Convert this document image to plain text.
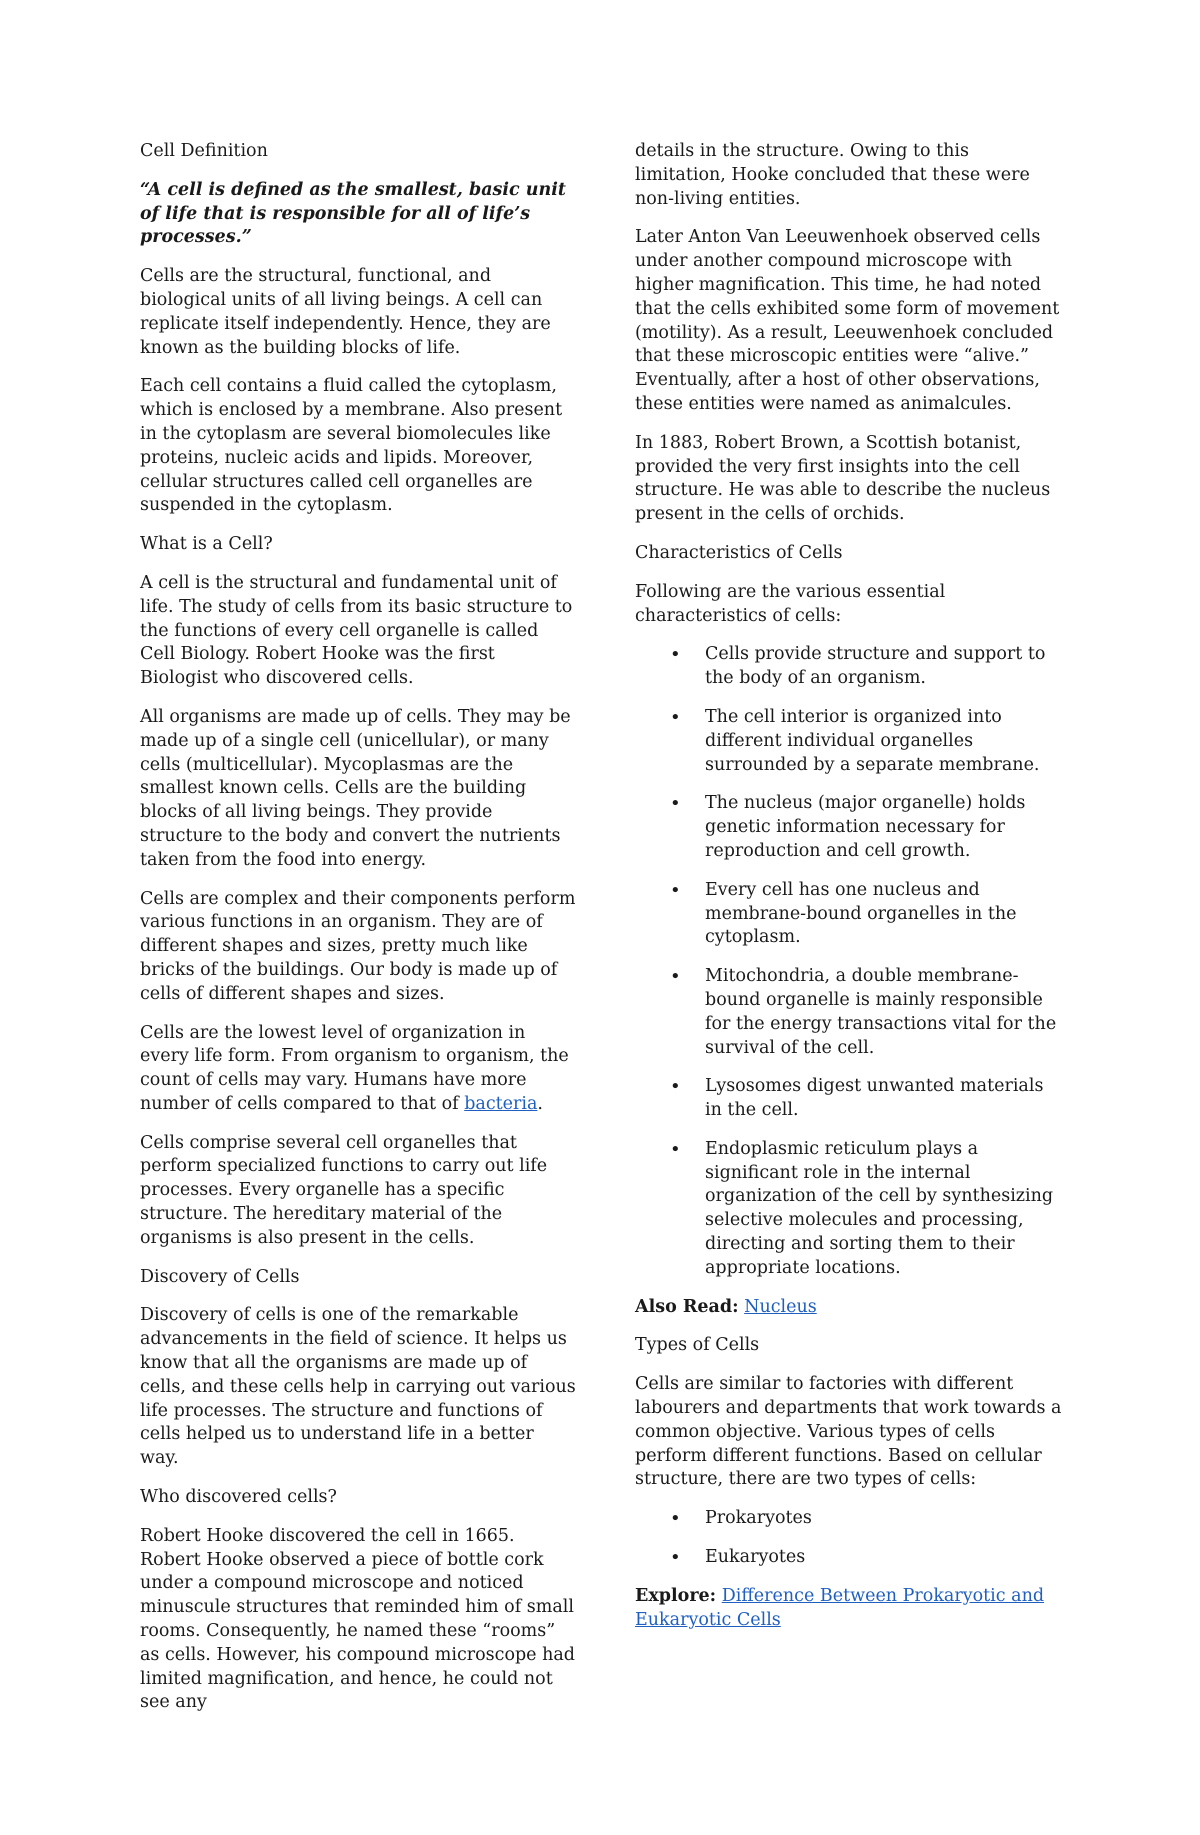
Cell Definition

“A cell is defined as the smallest, basic unit of life that is responsible for all of life’s processes.”

Cells are the structural, functional, and biological units of all living beings. A cell can replicate itself independently. Hence, they are known as the building blocks of life.

Each cell contains a fluid called the cytoplasm, which is enclosed by a membrane. Also present in the cytoplasm are several biomolecules like proteins, nucleic acids and lipids. Moreover, cellular structures called cell organelles are suspended in the cytoplasm.

What is a Cell?

A cell is the structural and fundamental unit of life. The study of cells from its basic structure to the functions of every cell organelle is called Cell Biology. Robert Hooke was the first Biologist who discovered cells.

All organisms are made up of cells. They may be made up of a single cell (unicellular), or many cells (multicellular). Mycoplasmas are the smallest known cells. Cells are the building blocks of all living beings. They provide structure to the body and convert the nutrients taken from the food into energy.

Cells are complex and their components perform various functions in an organism. They are of different shapes and sizes, pretty much like bricks of the buildings. Our body is made up of cells of different shapes and sizes.

Cells are the lowest level of organization in every life form. From organism to organism, the count of cells may vary. Humans have more number of cells compared to that of bacteria.

Cells comprise several cell organelles that perform specialized functions to carry out life processes. Every organelle has a specific structure. The hereditary material of the organisms is also present in the cells.

Discovery of Cells

Discovery of cells is one of the remarkable advancements in the field of science. It helps us know that all the organisms are made up of cells, and these cells help in carrying out various life processes. The structure and functions of cells helped us to understand life in a better way.

Who discovered cells?

Robert Hooke discovered the cell in 1665. Robert Hooke observed a piece of bottle cork under a compound microscope and noticed minuscule structures that reminded him of small rooms. Consequently, he named these “rooms” as cells. However, his compound microscope had limited magnification, and hence, he could not see any

details in the structure. Owing to this limitation, Hooke concluded that these were non-living entities.

Later Anton Van Leeuwenhoek observed cells under another compound microscope with higher magnification. This time, he had noted that the cells exhibited some form of movement (motility). As a result, Leeuwenhoek concluded that these microscopic entities were “alive.” Eventually, after a host of other observations, these entities were named as animalcules.

In 1883, Robert Brown, a Scottish botanist, provided the very first insights into the cell structure. He was able to describe the nucleus present in the cells of orchids.

Characteristics of Cells

Following are the various essential characteristics of cells:

• Cells provide structure and support to the body of an organism.
• The cell interior is organized into different individual organelles surrounded by a separate membrane.
• The nucleus (major organelle) holds genetic information necessary for reproduction and cell growth.
• Every cell has one nucleus and membrane-bound organelles in the cytoplasm.
• Mitochondria, a double membrane-bound organelle is mainly responsible for the energy transactions vital for the survival of the cell.
• Lysosomes digest unwanted materials in the cell.
• Endoplasmic reticulum plays a significant role in the internal organization of the cell by synthesizing selective molecules and processing, directing and sorting them to their appropriate locations.

Also Read: Nucleus

Types of Cells

Cells are similar to factories with different labourers and departments that work towards a common objective. Various types of cells perform different functions. Based on cellular structure, there are two types of cells:

• Prokaryotes
• Eukaryotes

Explore: Difference Between Prokaryotic and Eukaryotic Cells
